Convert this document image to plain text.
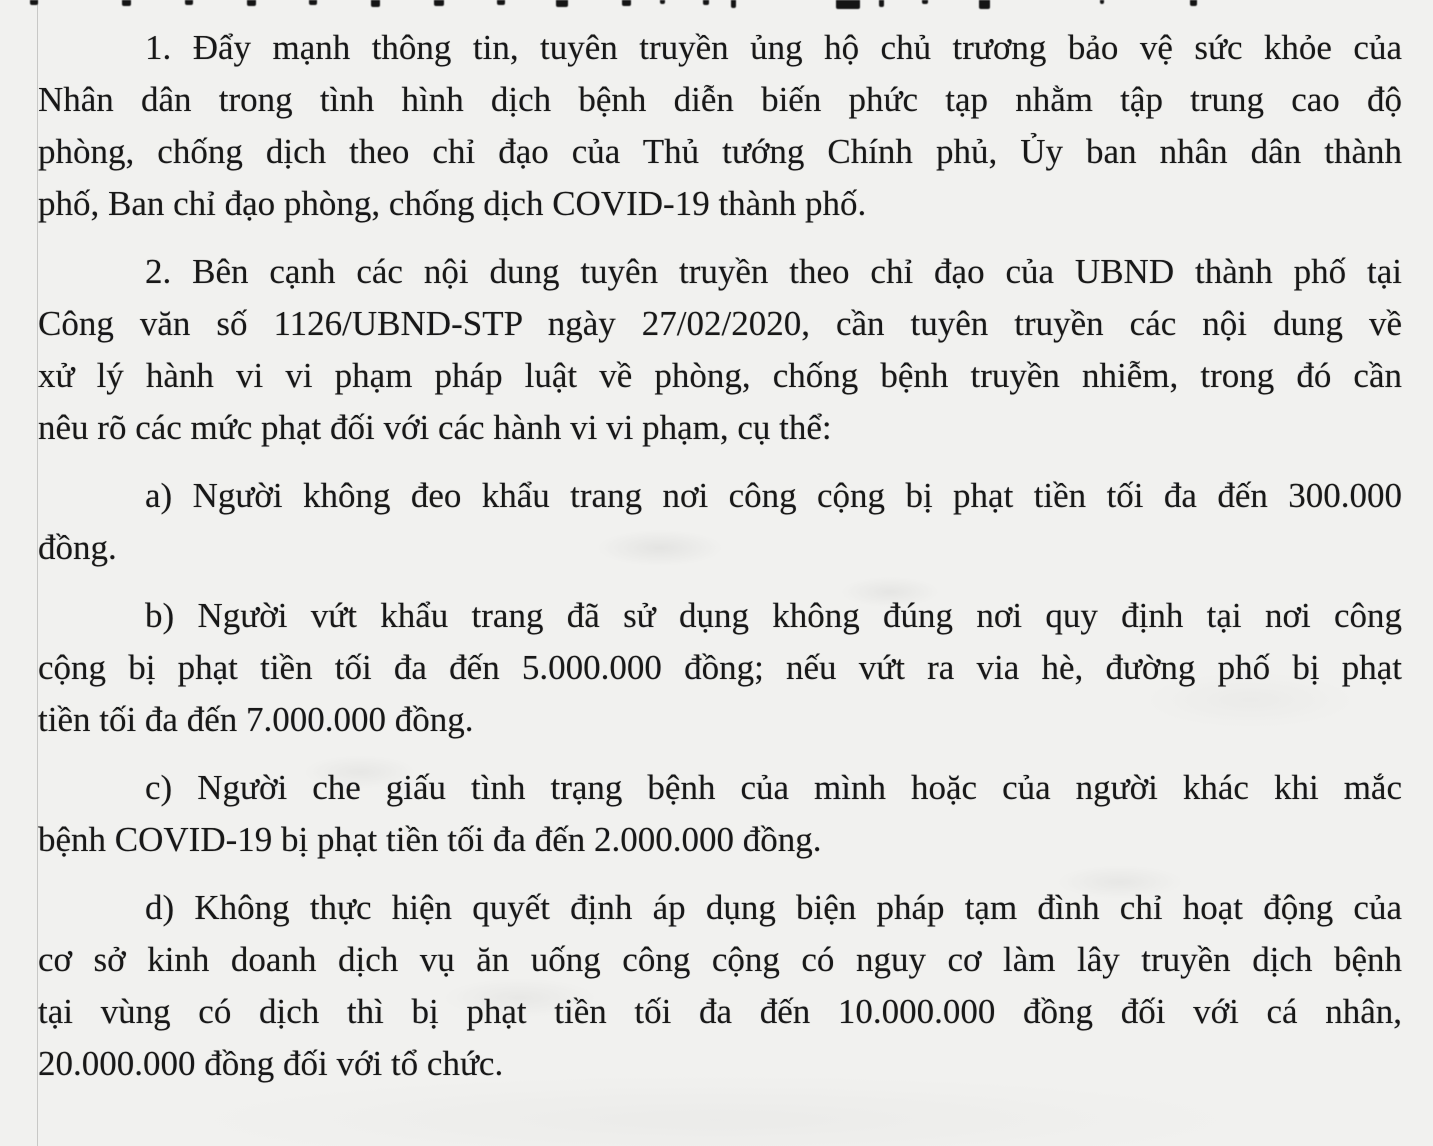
1. Đẩy mạnh thông tin, tuyên truyền ủng hộ chủ trương bảo vệ sức khỏe của
Nhân dân trong tình hình dịch bệnh diễn biến phức tạp nhằm tập trung cao độ
phòng, chống dịch theo chỉ đạo của Thủ tướng Chính phủ, Ủy ban nhân dân thành
phố, Ban chỉ đạo phòng, chống dịch COVID-19 thành phố.

2. Bên cạnh các nội dung tuyên truyền theo chỉ đạo của UBND thành phố tại
Công văn số 1126/UBND-STP ngày 27/02/2020, cần tuyên truyền các nội dung về
xử lý hành vi vi phạm pháp luật về phòng, chống bệnh truyền nhiễm, trong đó cần
nêu rõ các mức phạt đối với các hành vi vi phạm, cụ thể:

a) Người không đeo khẩu trang nơi công cộng bị phạt tiền tối đa đến 300.000
đồng.

b) Người vứt khẩu trang đã sử dụng không đúng nơi quy định tại nơi công
cộng bị phạt tiền tối đa đến 5.000.000 đồng; nếu vứt ra via hè, đường phố bị phạt
tiền tối đa đến 7.000.000 đồng.

c) Người che giấu tình trạng bệnh của mình hoặc của người khác khi mắc
bệnh COVID-19 bị phạt tiền tối đa đến 2.000.000 đồng.

d) Không thực hiện quyết định áp dụng biện pháp tạm đình chỉ hoạt động của
cơ sở kinh doanh dịch vụ ăn uống công cộng có nguy cơ làm lây truyền dịch bệnh
tại vùng có dịch thì bị phạt tiền tối đa đến 10.000.000 đồng đối với cá nhân,
20.000.000 đồng đối với tổ chức.
